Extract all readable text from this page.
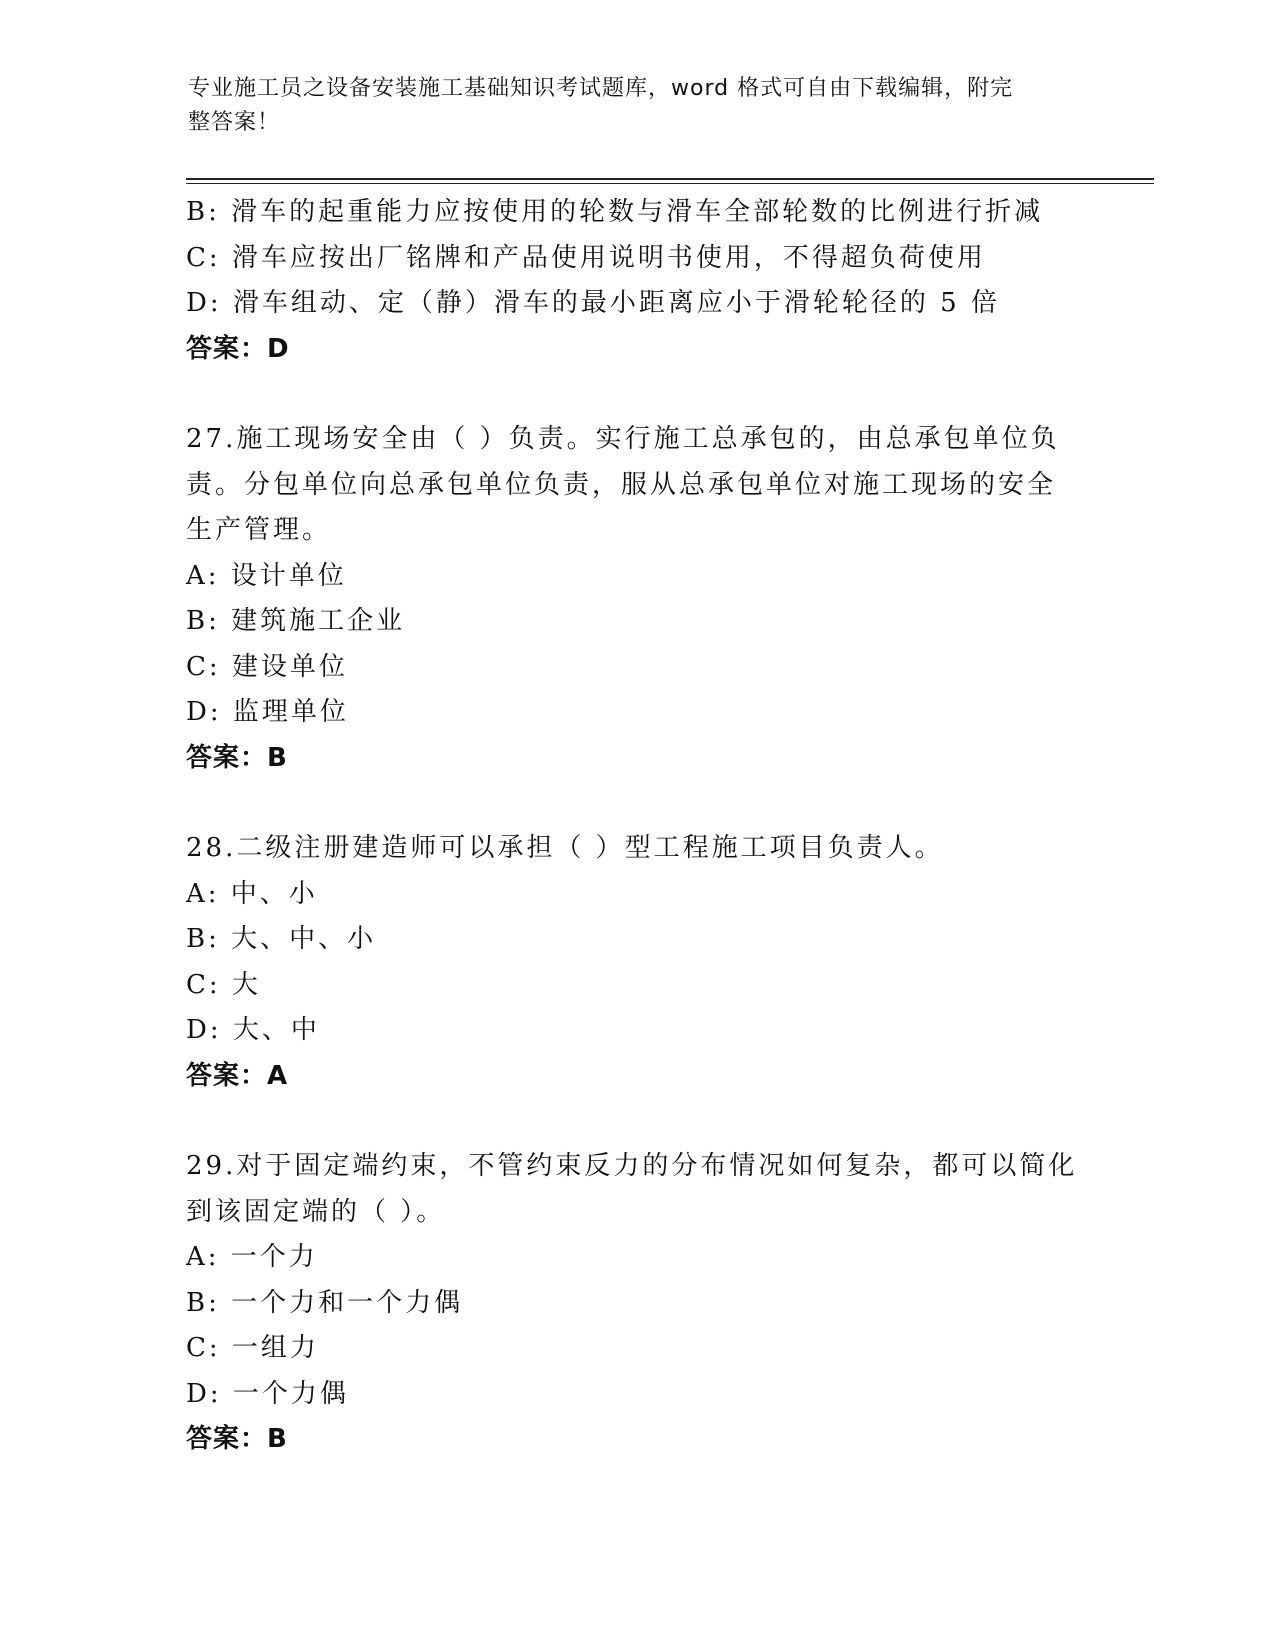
专业施工员之设备安装施工基础知识考试题库，word 格式可自由下载编辑，附完
整答案！
B: 滑车的起重能力应按使用的轮数与滑车全部轮数的比例进行折减
C: 滑车应按出厂铭牌和产品使用说明书使用，不得超负荷使用
D: 滑车组动、定（静）滑车的最小距离应小于滑轮轮径的 5 倍
答案：D
27.施工现场安全由（ ）负责。实行施工总承包的，由总承包单位负
责。分包单位向总承包单位负责，服从总承包单位对施工现场的安全
生产管理。
A: 设计单位
B: 建筑施工企业
C: 建设单位
D: 监理单位
答案：B
28.二级注册建造师可以承担（ ）型工程施工项目负责人。
A: 中、小
B: 大、中、小
C: 大
D: 大、中
答案：A
29.对于固定端约束，不管约束反力的分布情况如何复杂，都可以简化
到该固定端的（ ）。
A: 一个力
B: 一个力和一个力偶
C: 一组力
D: 一个力偶
答案：B
